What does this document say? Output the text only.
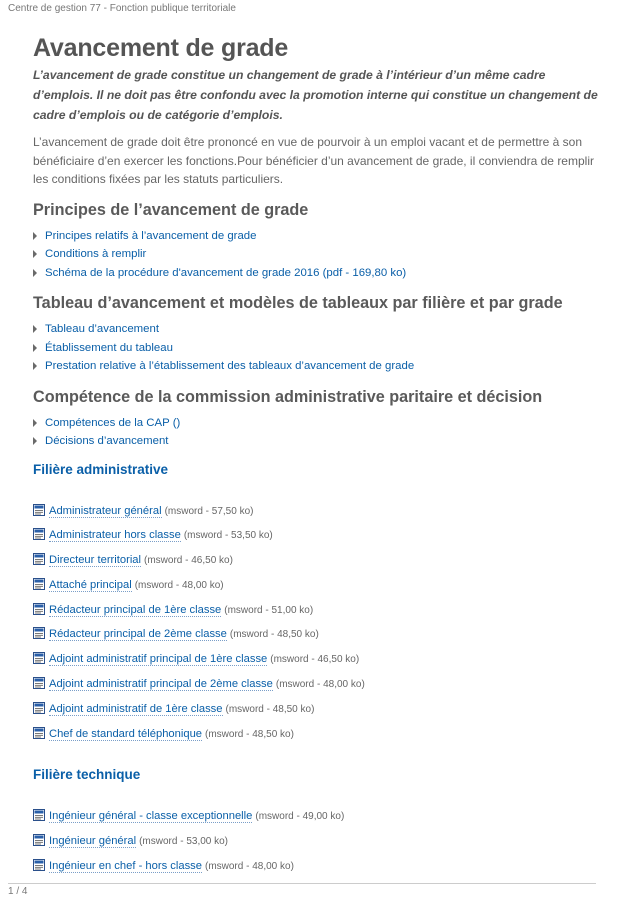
Centre de gestion 77 - Fonction publique territoriale
Avancement de grade

L’avancement de grade constitue un changement de grade à l’intérieur d’un même cadre d’emplois. Il ne doit pas être confondu avec la promotion interne qui constitue un changement de cadre d’emplois ou de catégorie d’emplois.

L’avancement de grade doit être prononcé en vue de pourvoir à un emploi vacant et de permettre à son bénéficiaire d’en exercer les fonctions.Pour bénéficier d’un avancement de grade, il conviendra de remplir les conditions fixées par les statuts particuliers.

Principes de l’avancement de grade
Principes relatifs à l’avancement de grade
Conditions à remplir
Schéma de la procédure d'avancement de grade 2016 (pdf - 169,80 ko)
Tableau d’avancement et modèles de tableaux par filière et par grade
Tableau d’avancement
Établissement du tableau
Prestation relative à l’établissement des tableaux d’avancement de grade
Compétence de la commission administrative paritaire et décision
Compétences de la CAP ()
Décisions d’avancement
Filière administrative
Administrateur général (msword - 57,50 ko)
Administrateur hors classe (msword - 53,50 ko)
Directeur territorial (msword - 46,50 ko)
Attaché principal (msword - 48,00 ko)
Rédacteur principal de 1ère classe (msword - 51,00 ko)
Rédacteur principal de 2ème classe (msword - 48,50 ko)
Adjoint administratif principal de 1ère classe (msword - 46,50 ko)
Adjoint administratif principal de 2ème classe (msword - 48,00 ko)
Adjoint administratif de 1ère classe (msword - 48,50 ko)
Chef de standard téléphonique (msword - 48,50 ko)
Filière technique
Ingénieur général - classe exceptionnelle (msword - 49,00 ko)
Ingénieur général (msword - 53,00 ko)
Ingénieur en chef - hors classe (msword - 48,00 ko)
1 / 4
